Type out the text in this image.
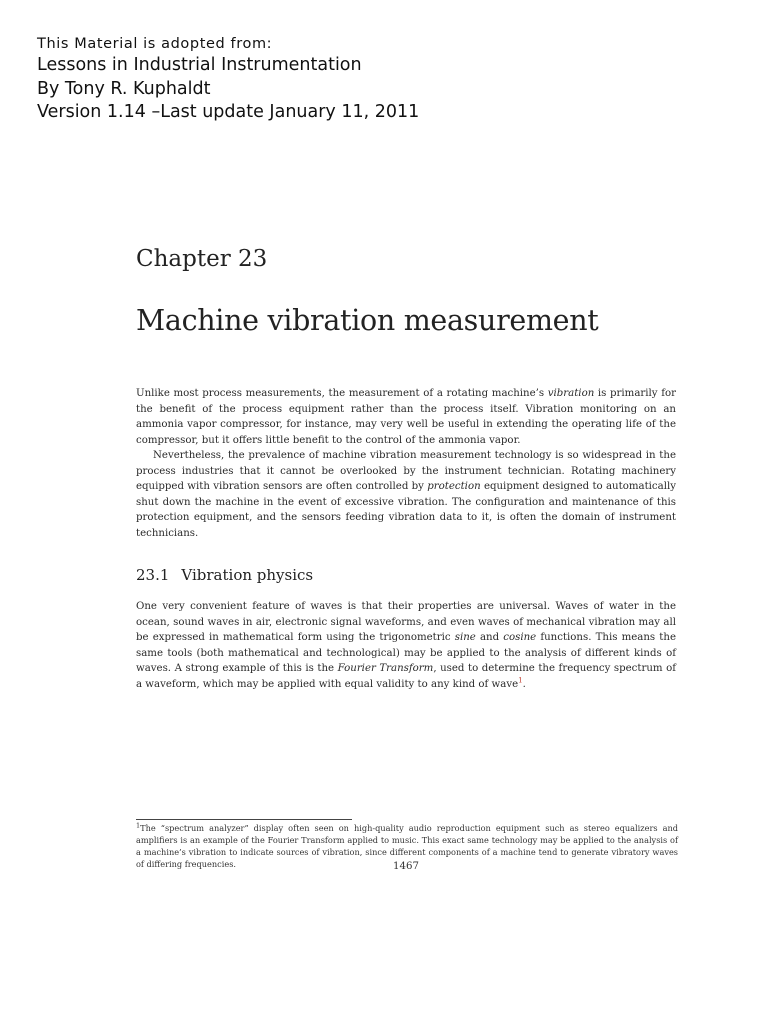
This Material is adopted from:
Lessons in Industrial Instrumentation
By Tony R. Kuphaldt
Version 1.14 –Last update January 11, 2011
Chapter 23
Machine vibration measurement

Unlike most process measurements, the measurement of a rotating machine’s vibration is primarily for the benefit of the process equipment rather than the process itself. Vibration monitoring on an ammonia vapor compressor, for instance, may very well be useful in extending the operating life of the compressor, but it offers little benefit to the control of the ammonia vapor.

Nevertheless, the prevalence of machine vibration measurement technology is so widespread in the process industries that it cannot be overlooked by the instrument technician. Rotating machinery equipped with vibration sensors are often controlled by protection equipment designed to automatically shut down the machine in the event of excessive vibration. The configuration and maintenance of this protection equipment, and the sensors feeding vibration data to it, is often the domain of instrument technicians.

23.1 Vibration physics

One very convenient feature of waves is that their properties are universal. Waves of water in the ocean, sound waves in air, electronic signal waveforms, and even waves of mechanical vibration may all be expressed in mathematical form using the trigonometric sine and cosine functions. This means the same tools (both mathematical and technological) may be applied to the analysis of different kinds of waves. A strong example of this is the Fourier Transform, used to determine the frequency spectrum of a waveform, which may be applied with equal validity to any kind of wave$^1$.

$^1$The “spectrum analyzer” display often seen on high-quality audio reproduction equipment such as stereo equalizers and amplifiers is an example of the Fourier Transform applied to music. This exact same technology may be applied to the analysis of a machine’s vibration to indicate sources of vibration, since different components of a machine tend to generate vibratory waves of differing frequencies.	1467
